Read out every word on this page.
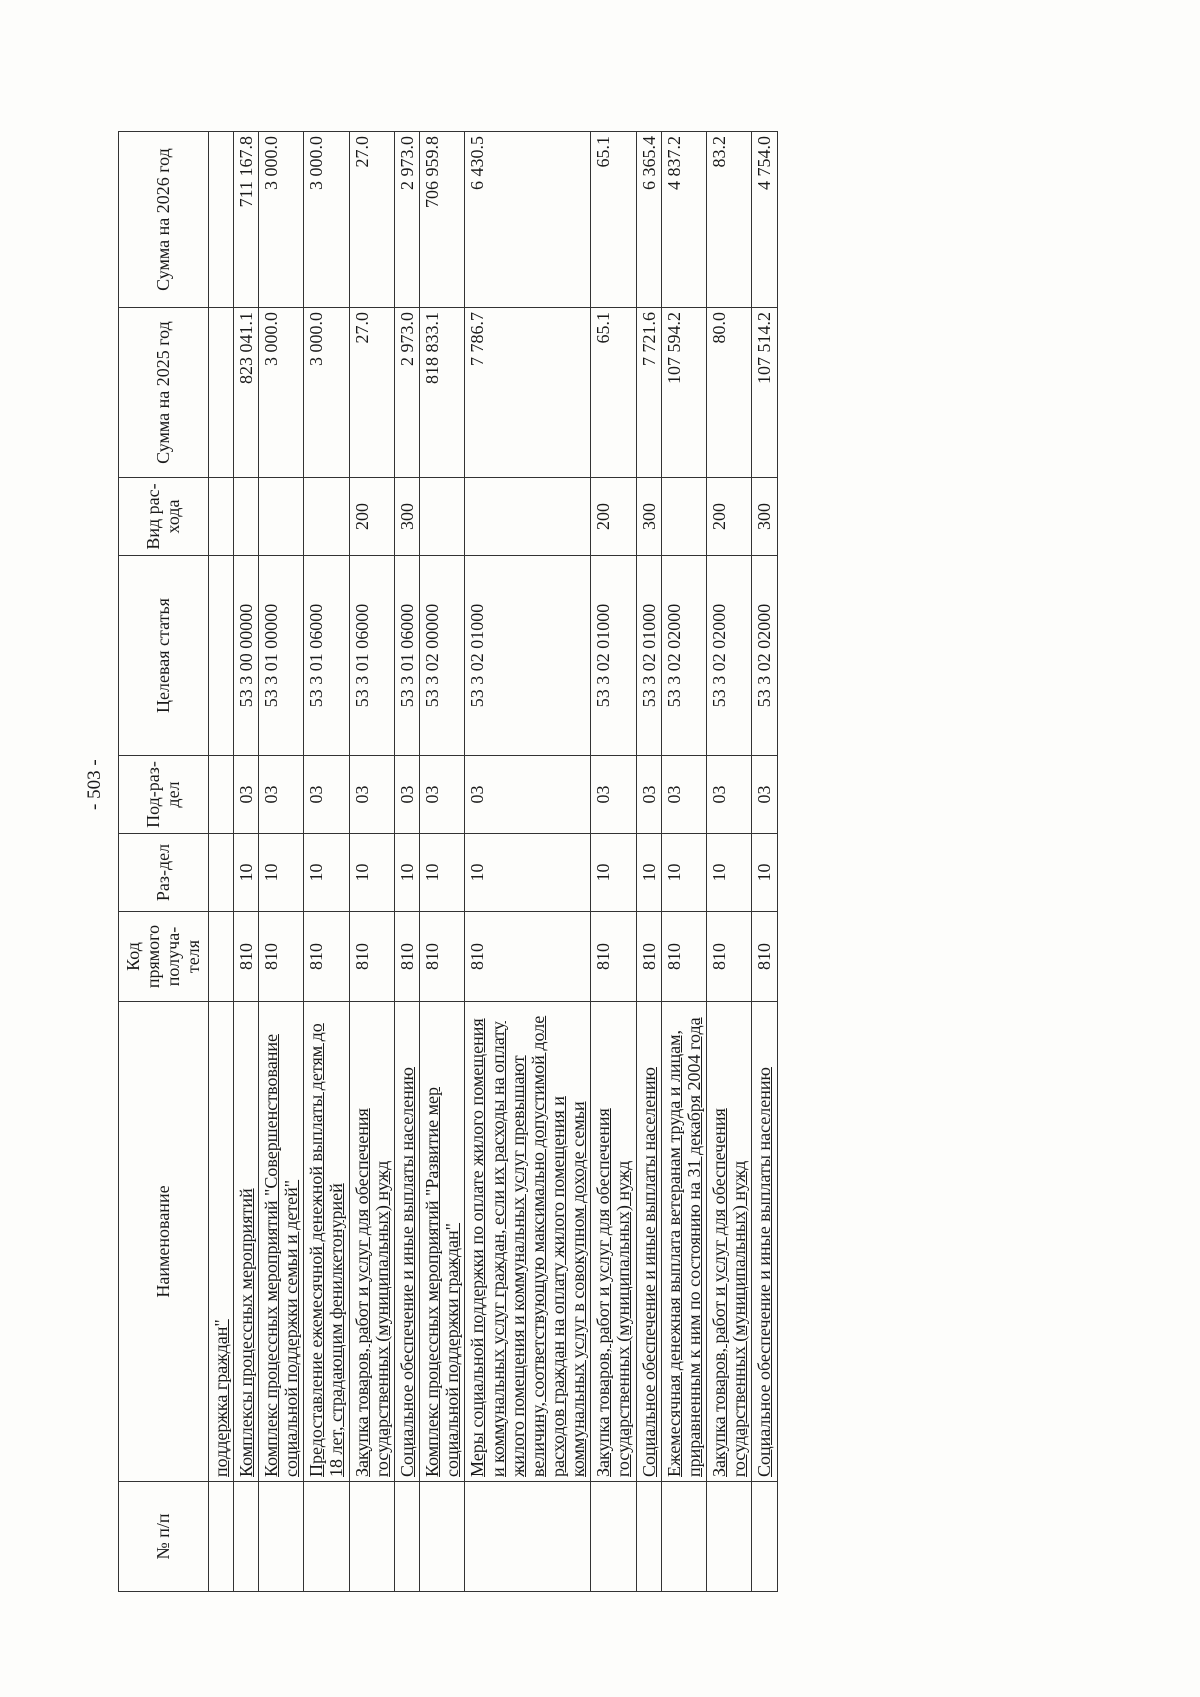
- 503 -
№ п/п	Наименование	Код прямого получа-теля	Раз-дел	Под-раз-дел	Целевая статья	Вид рас-хода	Сумма на 2025 год	Сумма на 2026 год
	поддержка граждан"							
	Комплексы процессных мероприятий	810	10	03	53 3 00 00000		823 041.1	711 167.8
	Комплекс процессных мероприятий "Совершенствование социальной поддержки семьи и детей"	810	10	03	53 3 01 00000		3 000.0	3 000.0
	Предоставление ежемесячной денежной выплаты детям до 18 лет, страдающим фенилкетонурией	810	10	03	53 3 01 06000		3 000.0	3 000.0
	Закупка товаров, работ и услуг для обеспечения государственных (муниципальных) нужд	810	10	03	53 3 01 06000	200	27.0	27.0
	Социальное обеспечение и иные выплаты населению	810	10	03	53 3 01 06000	300	2 973.0	2 973.0
	Комплекс процессных мероприятий "Развитие мер социальной поддержки граждан"	810	10	03	53 3 02 00000		818 833.1	706 959.8
	Меры социальной поддержки по оплате жилого помещения и коммунальных услуг граждан, если их расходы на оплату жилого помещения и коммунальных услуг превышают величину, соответствующую максимально допустимой доле расходов граждан на оплату жилого помещения и коммунальных услуг в совокупном доходе семьи	810	10	03	53 3 02 01000		7 786.7	6 430.5
	Закупка товаров, работ и услуг для обеспечения государственных (муниципальных) нужд	810	10	03	53 3 02 01000	200	65.1	65.1
	Социальное обеспечение и иные выплаты населению	810	10	03	53 3 02 01000	300	7 721.6	6 365.4
	Ежемесячная денежная выплата ветеранам труда и лицам, приравненным к ним по состоянию на 31 декабря 2004 года	810	10	03	53 3 02 02000		107 594.2	4 837.2
	Закупка товаров, работ и услуг для обеспечения государственных (муниципальных) нужд	810	10	03	53 3 02 02000	200	80.0	83.2
	Социальное обеспечение и иные выплаты населению	810	10	03	53 3 02 02000	300	107 514.2	4 754.0
